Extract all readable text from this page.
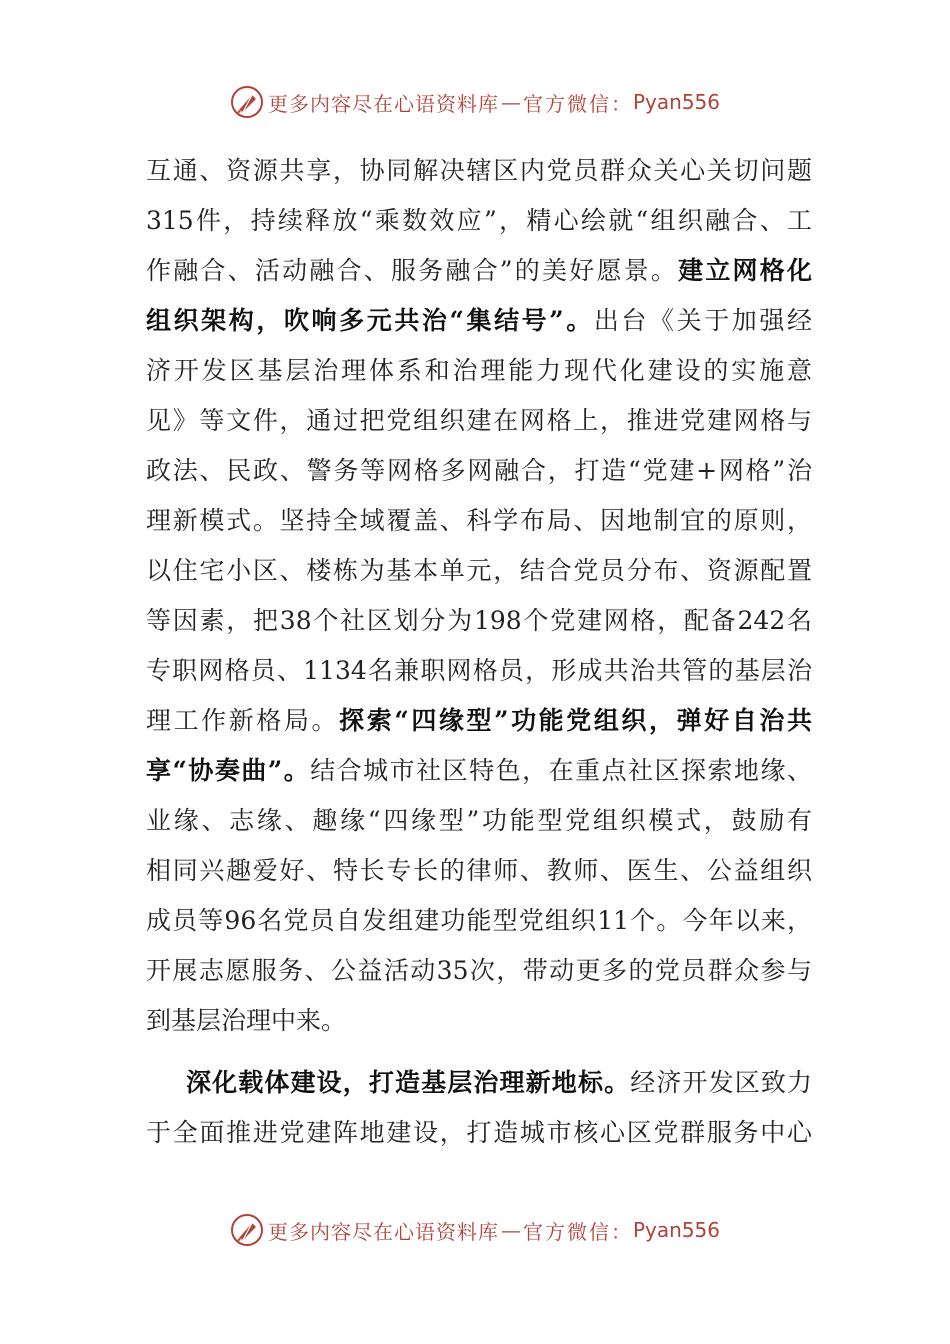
更多内容尽在心语资料库 — 官方微信： Pyan556
互通、资源共享，协同解决辖区内党员群众关心关切问题
315件，持续释放“乘数效应”，精心绘就“组织融合、工
作融合、活动融合、服务融合”的美好愿景。建立网格化
组织架构，吹响多元共治“集结号”。出台《关于加强经
济开发区基层治理体系和治理能力现代化建设的实施意
见》等文件，通过把党组织建在网格上，推进党建网格与
政法、民政、警务等网格多网融合，打造“党建+网格”治
理新模式。坚持全域覆盖、科学布局、因地制宜的原则，
以住宅小区、楼栋为基本单元，结合党员分布、资源配置
等因素，把38个社区划分为198个党建网格，配备242名
专职网格员、1134名兼职网格员，形成共治共管的基层治
理工作新格局。探索“四缘型”功能党组织，弹好自治共
享“协奏曲”。结合城市社区特色，在重点社区探索地缘、
业缘、志缘、趣缘“四缘型”功能型党组织模式，鼓励有
相同兴趣爱好、特长专长的律师、教师、医生、公益组织
成员等96名党员自发组建功能型党组织11个。今年以来，
开展志愿服务、公益活动35次，带动更多的党员群众参与
到基层治理中来。
深化载体建设，打造基层治理新地标。经济开发区致力
于全面推进党建阵地建设，打造城市核心区党群服务中心
更多内容尽在心语资料库 — 官方微信： Pyan556
